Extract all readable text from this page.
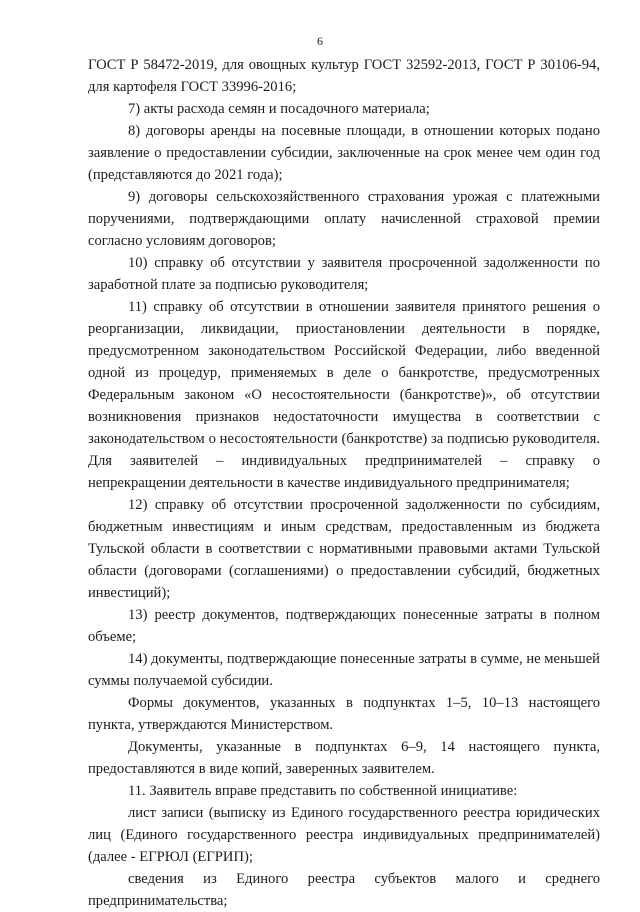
6

ГОСТ Р 58472-2019, для овощных культур ГОСТ 32592-2013, ГОСТ Р 30106-94, для картофеля ГОСТ 33996-2016;

7) акты расхода семян и посадочного материала;

8) договоры аренды на посевные площади, в отношении которых подано заявление о предоставлении субсидии, заключенные на срок менее чем один год (представляются до 2021 года);

9) договоры сельскохозяйственного страхования урожая с платежными поручениями, подтверждающими оплату начисленной страховой премии согласно условиям договоров;

10) справку об отсутствии у заявителя просроченной задолженности по заработной плате за подписью руководителя;

11) справку об отсутствии в отношении заявителя принятого решения о реорганизации, ликвидации, приостановлении деятельности в порядке, предусмотренном законодательством Российской Федерации, либо введенной одной из процедур, применяемых в деле о банкротстве, предусмотренных Федеральным законом «О несостоятельности (банкротстве)», об отсутствии возникновения признаков недостаточности имущества в соответствии с законодательством о несостоятельности (банкротстве) за подписью руководителя. Для заявителей – индивидуальных предпринимателей – справку о непрекращении деятельности в качестве индивидуального предпринимателя;

12) справку об отсутствии просроченной задолженности по субсидиям, бюджетным инвестициям и иным средствам, предоставленным из бюджета Тульской области в соответствии с нормативными правовыми актами Тульской области (договорами (соглашениями) о предоставлении субсидий, бюджетных инвестиций);

13) реестр документов, подтверждающих понесенные затраты в полном объеме;

14) документы, подтверждающие понесенные затраты в сумме, не меньшей суммы получаемой субсидии.

Формы документов, указанных в подпунктах 1–5, 10–13 настоящего пункта, утверждаются Министерством.

Документы, указанные в подпунктах 6–9, 14 настоящего пункта, предоставляются в виде копий, заверенных заявителем.

11. Заявитель вправе представить по собственной инициативе:

лист записи (выписку из Единого государственного реестра юридических лиц (Единого государственного реестра индивидуальных предпринимателей) (далее - ЕГРЮЛ (ЕГРИП);

сведения из Единого реестра субъектов малого и среднего предпринимательства;
